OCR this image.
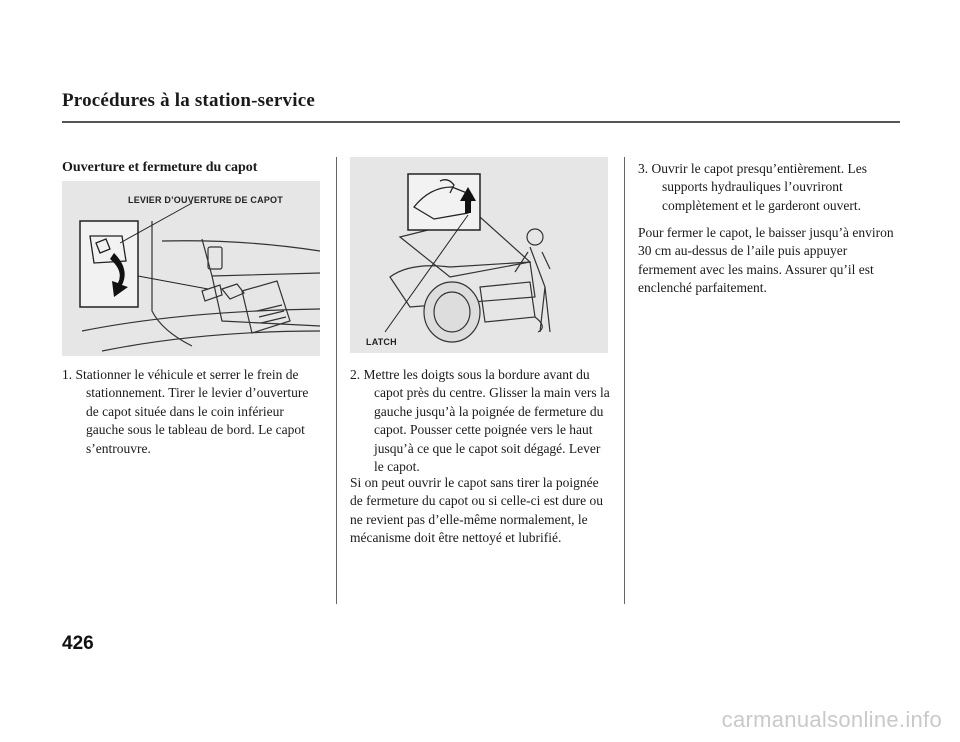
Procédures à la station-service
Ouverture et fermeture du capot
LEVIER D’OUVERTURE DE CAPOT
LATCH
1. Stationner le véhicule et serrer le frein de stationnement. Tirer le levier d’ouverture de capot située dans le coin inférieur gauche sous le tableau de bord. Le capot s’entrouvre.
2. Mettre les doigts sous la bordure avant du capot près du centre. Glisser la main vers la gauche jusqu’à la poignée de fermeture du capot. Pousser cette poignée vers le haut jusqu’à ce que le capot soit dégagé. Lever le capot.
Si on peut ouvrir le capot sans tirer la poignée de fermeture du capot ou si celle-ci est dure ou ne revient pas d’elle-même normalement, le mécanisme doit être nettoyé et lubrifié.
3. Ouvrir le capot presqu’entièrement. Les supports hydrauliques l’ouvriront complètement et le garderont ouvert.
Pour fermer le capot, le baisser jusqu’à environ 30 cm au-dessus de l’aile puis appuyer fermement avec les mains. Assurer qu’il est enclenché parfaitement.
426
carmanualsonline.info
